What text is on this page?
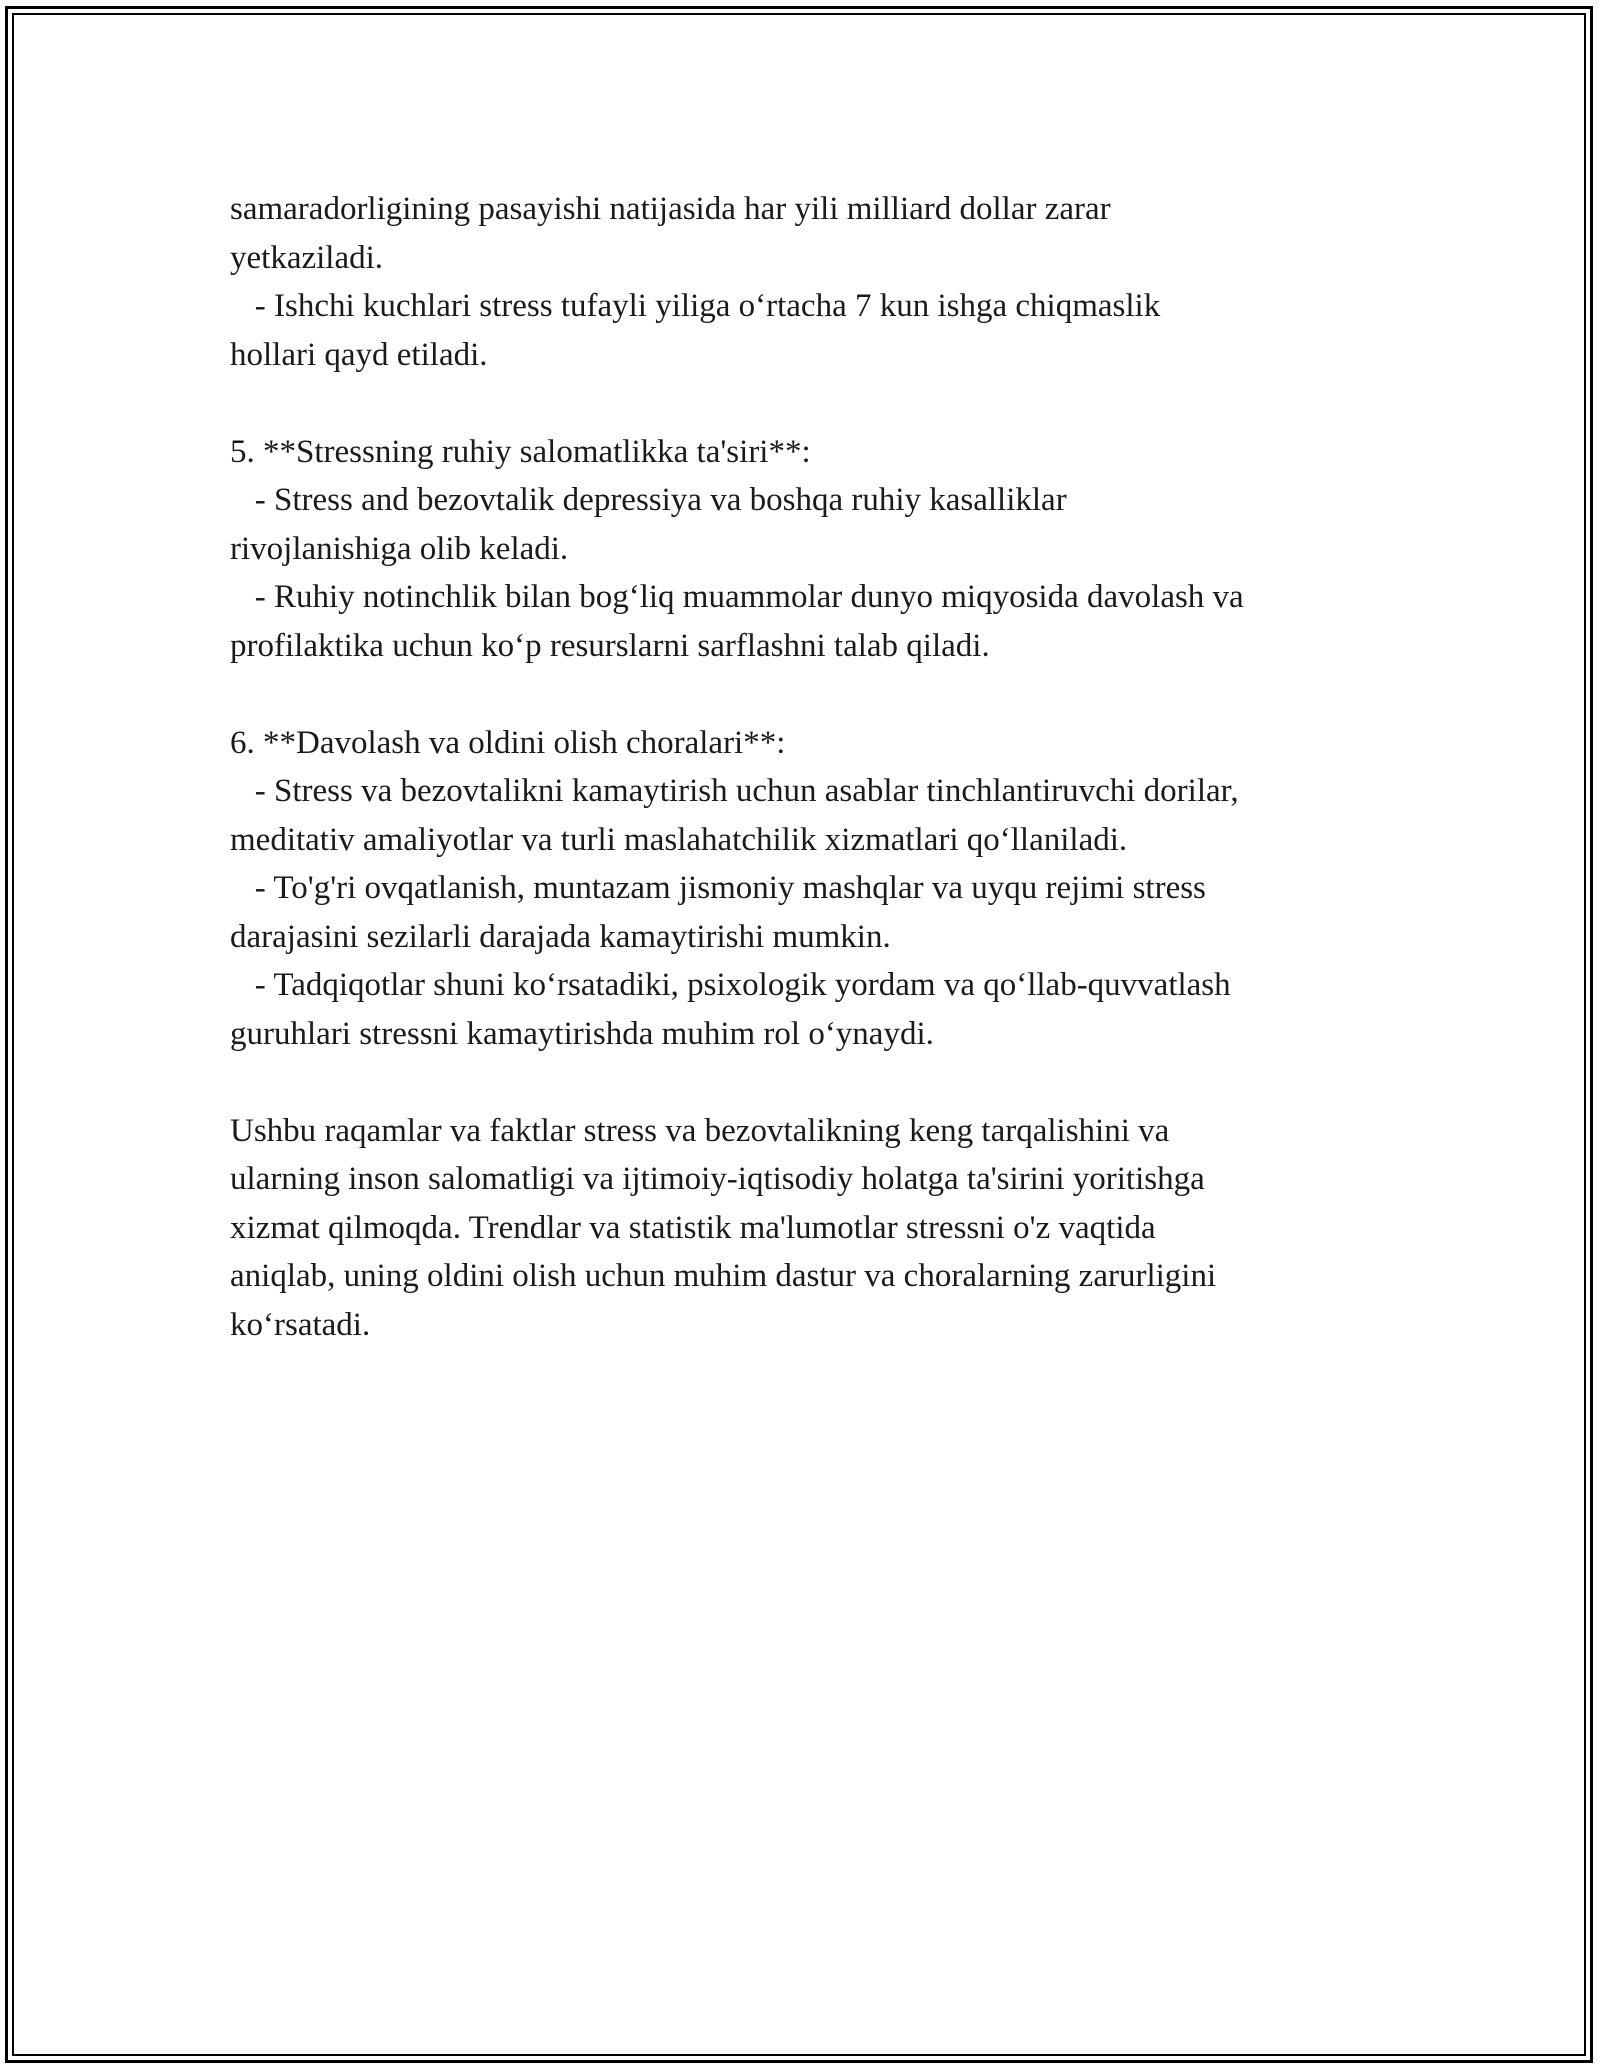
samaradorligining pasayishi natijasida har yili milliard dollar zarar
yetkaziladi.
- Ishchi kuchlari stress tufayli yiliga o‘rtacha 7 kun ishga chiqmaslik
hollari qayd etiladi.
5. **Stressning ruhiy salomatlikka ta'siri**:
- Stress and bezovtalik depressiya va boshqa ruhiy kasalliklar
rivojlanishiga olib keladi.
- Ruhiy notinchlik bilan bog‘liq muammolar dunyo miqyosida davolash va
profilaktika uchun ko‘p resurslarni sarflashni talab qiladi.
6. **Davolash va oldini olish choralari**:
- Stress va bezovtalikni kamaytirish uchun asablar tinchlantiruvchi dorilar,
meditativ amaliyotlar va turli maslahatchilik xizmatlari qo‘llaniladi.
- To'g'ri ovqatlanish, muntazam jismoniy mashqlar va uyqu rejimi stress
darajasini sezilarli darajada kamaytirishi mumkin.
- Tadqiqotlar shuni ko‘rsatadiki, psixologik yordam va qo‘llab-quvvatlash
guruhlari stressni kamaytirishda muhim rol o‘ynaydi.
Ushbu raqamlar va faktlar stress va bezovtalikning keng tarqalishini va
ularning inson salomatligi va ijtimoiy-iqtisodiy holatga ta'sirini yoritishga
xizmat qilmoqda. Trendlar va statistik ma'lumotlar stressni o'z vaqtida
aniqlab, uning oldini olish uchun muhim dastur va choralarning zarurligini
ko‘rsatadi.
